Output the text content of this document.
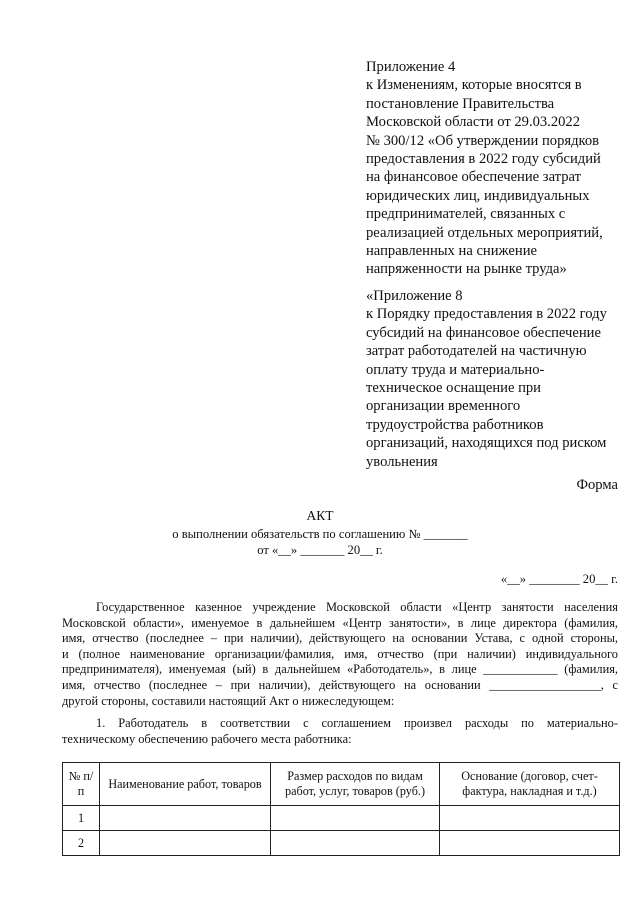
Приложение 4
к Изменениям, которые вносятся в
постановление Правительства
Московской области от 29.03.2022
№ 300/12 «Об утверждении порядков
предоставления в 2022 году субсидий
на финансовое обеспечение затрат
юридических лиц, индивидуальных
предпринимателей, связанных с
реализацией отдельных мероприятий,
направленных на снижение
напряженности на рынке труда»
«Приложение 8
к Порядку предоставления в 2022 году
субсидий на финансовое обеспечение
затрат работодателей на частичную
оплату труда и материально-
техническое оснащение при
организации временного
трудоустройства работников
организаций, находящихся под риском
увольнения
Форма
АКТ
о выполнении обязательств по соглашению № _______
от «__» _______ 20__ г.
«__» ________ 20__ г.
Государственное казенное учреждение Московской области «Центр занятости населения
Московской области», именуемое в дальнейшем «Центр занятости», в лице директора (фамилия,
имя, отчество (последнее – при наличии), действующего на основании Устава, с одной стороны,
и (полное наименование организации/фамилия, имя, отчество (при наличии) индивидуального
предпринимателя), именуемая (ый) в дальнейшем «Работодатель», в лице ____________ (фамилия,
имя, отчество (последнее – при наличии), действующего на основании __________________, с
другой стороны, составили настоящий Акт о нижеследующем:
1. Работодатель в соответствии с соглашением произвел расходы по материально-
техническому обеспечению рабочего места работника:
№ п/п	Наименование работ, товаров	Размер расходов по видам работ, услуг, товаров (руб.)	Основание (договор, счет-фактура, накладная и т.д.)
1			
2			
